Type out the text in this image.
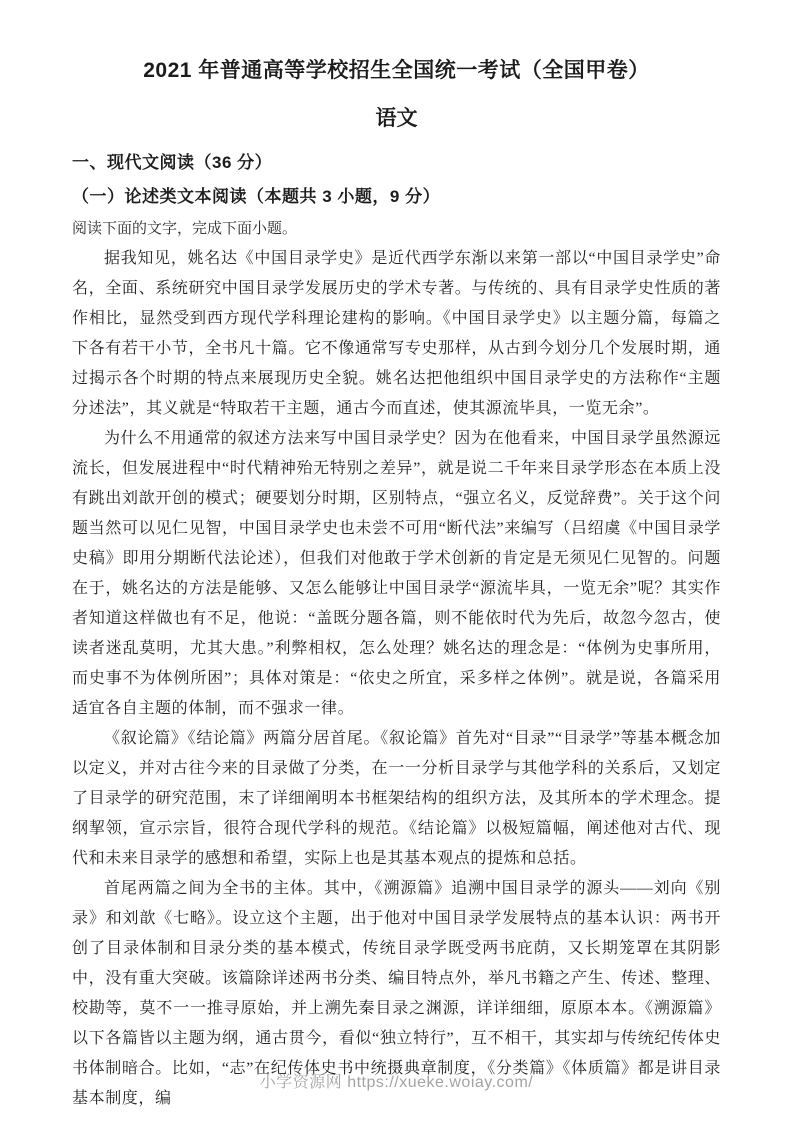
2021 年普通高等学校招生全国统一考试（全国甲卷）
语文
一、现代文阅读（36 分）
（一）论述类文本阅读（本题共 3 小题，9 分）
阅读下面的文字，完成下面小题。

据我知见，姚名达《中国目录学史》是近代西学东渐以来第一部以“中国目录学史”命名，全面、系统研究中国目录学发展历史的学术专著。与传统的、具有目录学史性质的著作相比，显然受到西方现代学科理论建构的影响。《中国目录学史》以主题分篇，每篇之下各有若干小节，全书凡十篇。它不像通常写专史那样，从古到今划分几个发展时期，通过揭示各个时期的特点来展现历史全貌。姚名达把他组织中国目录学史的方法称作“主题分述法”，其义就是“特取若干主题，通古今而直述，使其源流毕具，一览无余”。

为什么不用通常的叙述方法来写中国目录学史？因为在他看来，中国目录学虽然源远流长，但发展进程中“时代精神殆无特别之差异”，就是说二千年来目录学形态在本质上没有跳出刘歆开创的模式；硬要划分时期，区别特点，“强立名义，反觉辞费”。关于这个问题当然可以见仁见智，中国目录学史也未尝不可用“断代法”来编写（吕绍虞《中国目录学史稿》即用分期断代法论述），但我们对他敢于学术创新的肯定是无须见仁见智的。问题在于，姚名达的方法是能够、又怎么能够让中国目录学“源流毕具，一览无余”呢？其实作者知道这样做也有不足，他说：“盖既分题各篇，则不能依时代为先后，故忽今忽古，使读者迷乱莫明，尤其大患。”利弊相权，怎么处理？姚名达的理念是：“体例为史事所用，而史事不为体例所困”；具体对策是：“依史之所宜，采多样之体例”。就是说，各篇采用适宜各自主题的体制，而不强求一律。

《叙论篇》《结论篇》两篇分居首尾。《叙论篇》首先对“目录”“目录学”等基本概念加以定义，并对古往今来的目录做了分类，在一一分析目录学与其他学科的关系后，又划定了目录学的研究范围，末了详细阐明本书框架结构的组织方法，及其所本的学术理念。提纲挈领，宣示宗旨，很符合现代学科的规范。《结论篇》以极短篇幅，阐述他对古代、现代和未来目录学的感想和希望，实际上也是其基本观点的提炼和总括。

首尾两篇之间为全书的主体。其中，《溯源篇》追溯中国目录学的源头——刘向《别录》和刘歆《七略》。设立这个主题，出于他对中国目录学发展特点的基本认识：两书开创了目录体制和目录分类的基本模式，传统目录学既受两书庇荫，又长期笼罩在其阴影中，没有重大突破。该篇除详述两书分类、编目特点外，举凡书籍之产生、传述、整理、校勘等，莫不一一推寻原始，并上溯先秦目录之渊源，详详细细，原原本本。《溯源篇》以下各篇皆以主题为纲，通古贯今，看似“独立特行”，互不相干，其实却与传统纪传体史书体制暗合。比如，“志”在纪传体史书中统摄典章制度，《分类篇》《体质篇》都是讲目录基本制度，编

小学资源网 https://xueke.woiay.com/
